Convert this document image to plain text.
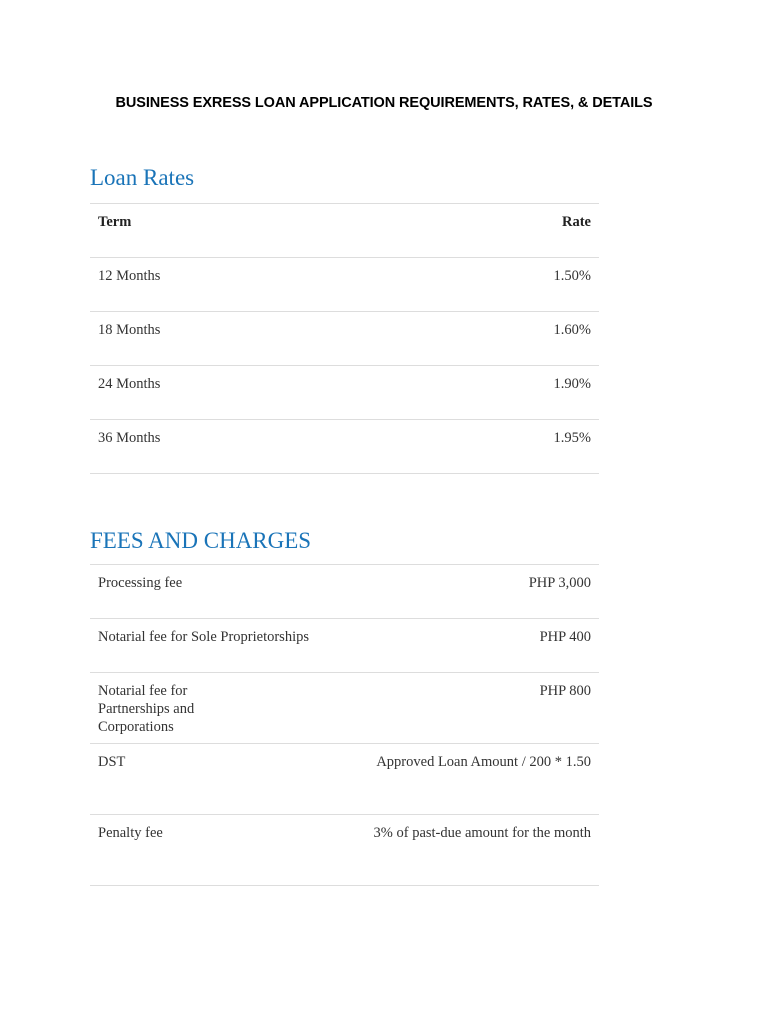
BUSINESS EXRESS LOAN APPLICATION REQUIREMENTS, RATES, & DETAILS
Loan Rates
Term	Rate
12 Months	1.50%
18 Months	1.60%
24 Months	1.90%
36 Months	1.95%
FEES AND CHARGES
Processing fee	PHP 3,000
Notarial fee for Sole Proprietorships	PHP 400
Notarial fee for Partnerships and Corporations	PHP 800
DST	Approved Loan Amount / 200 * 1.50
Penalty fee	3% of past-due amount for the month
